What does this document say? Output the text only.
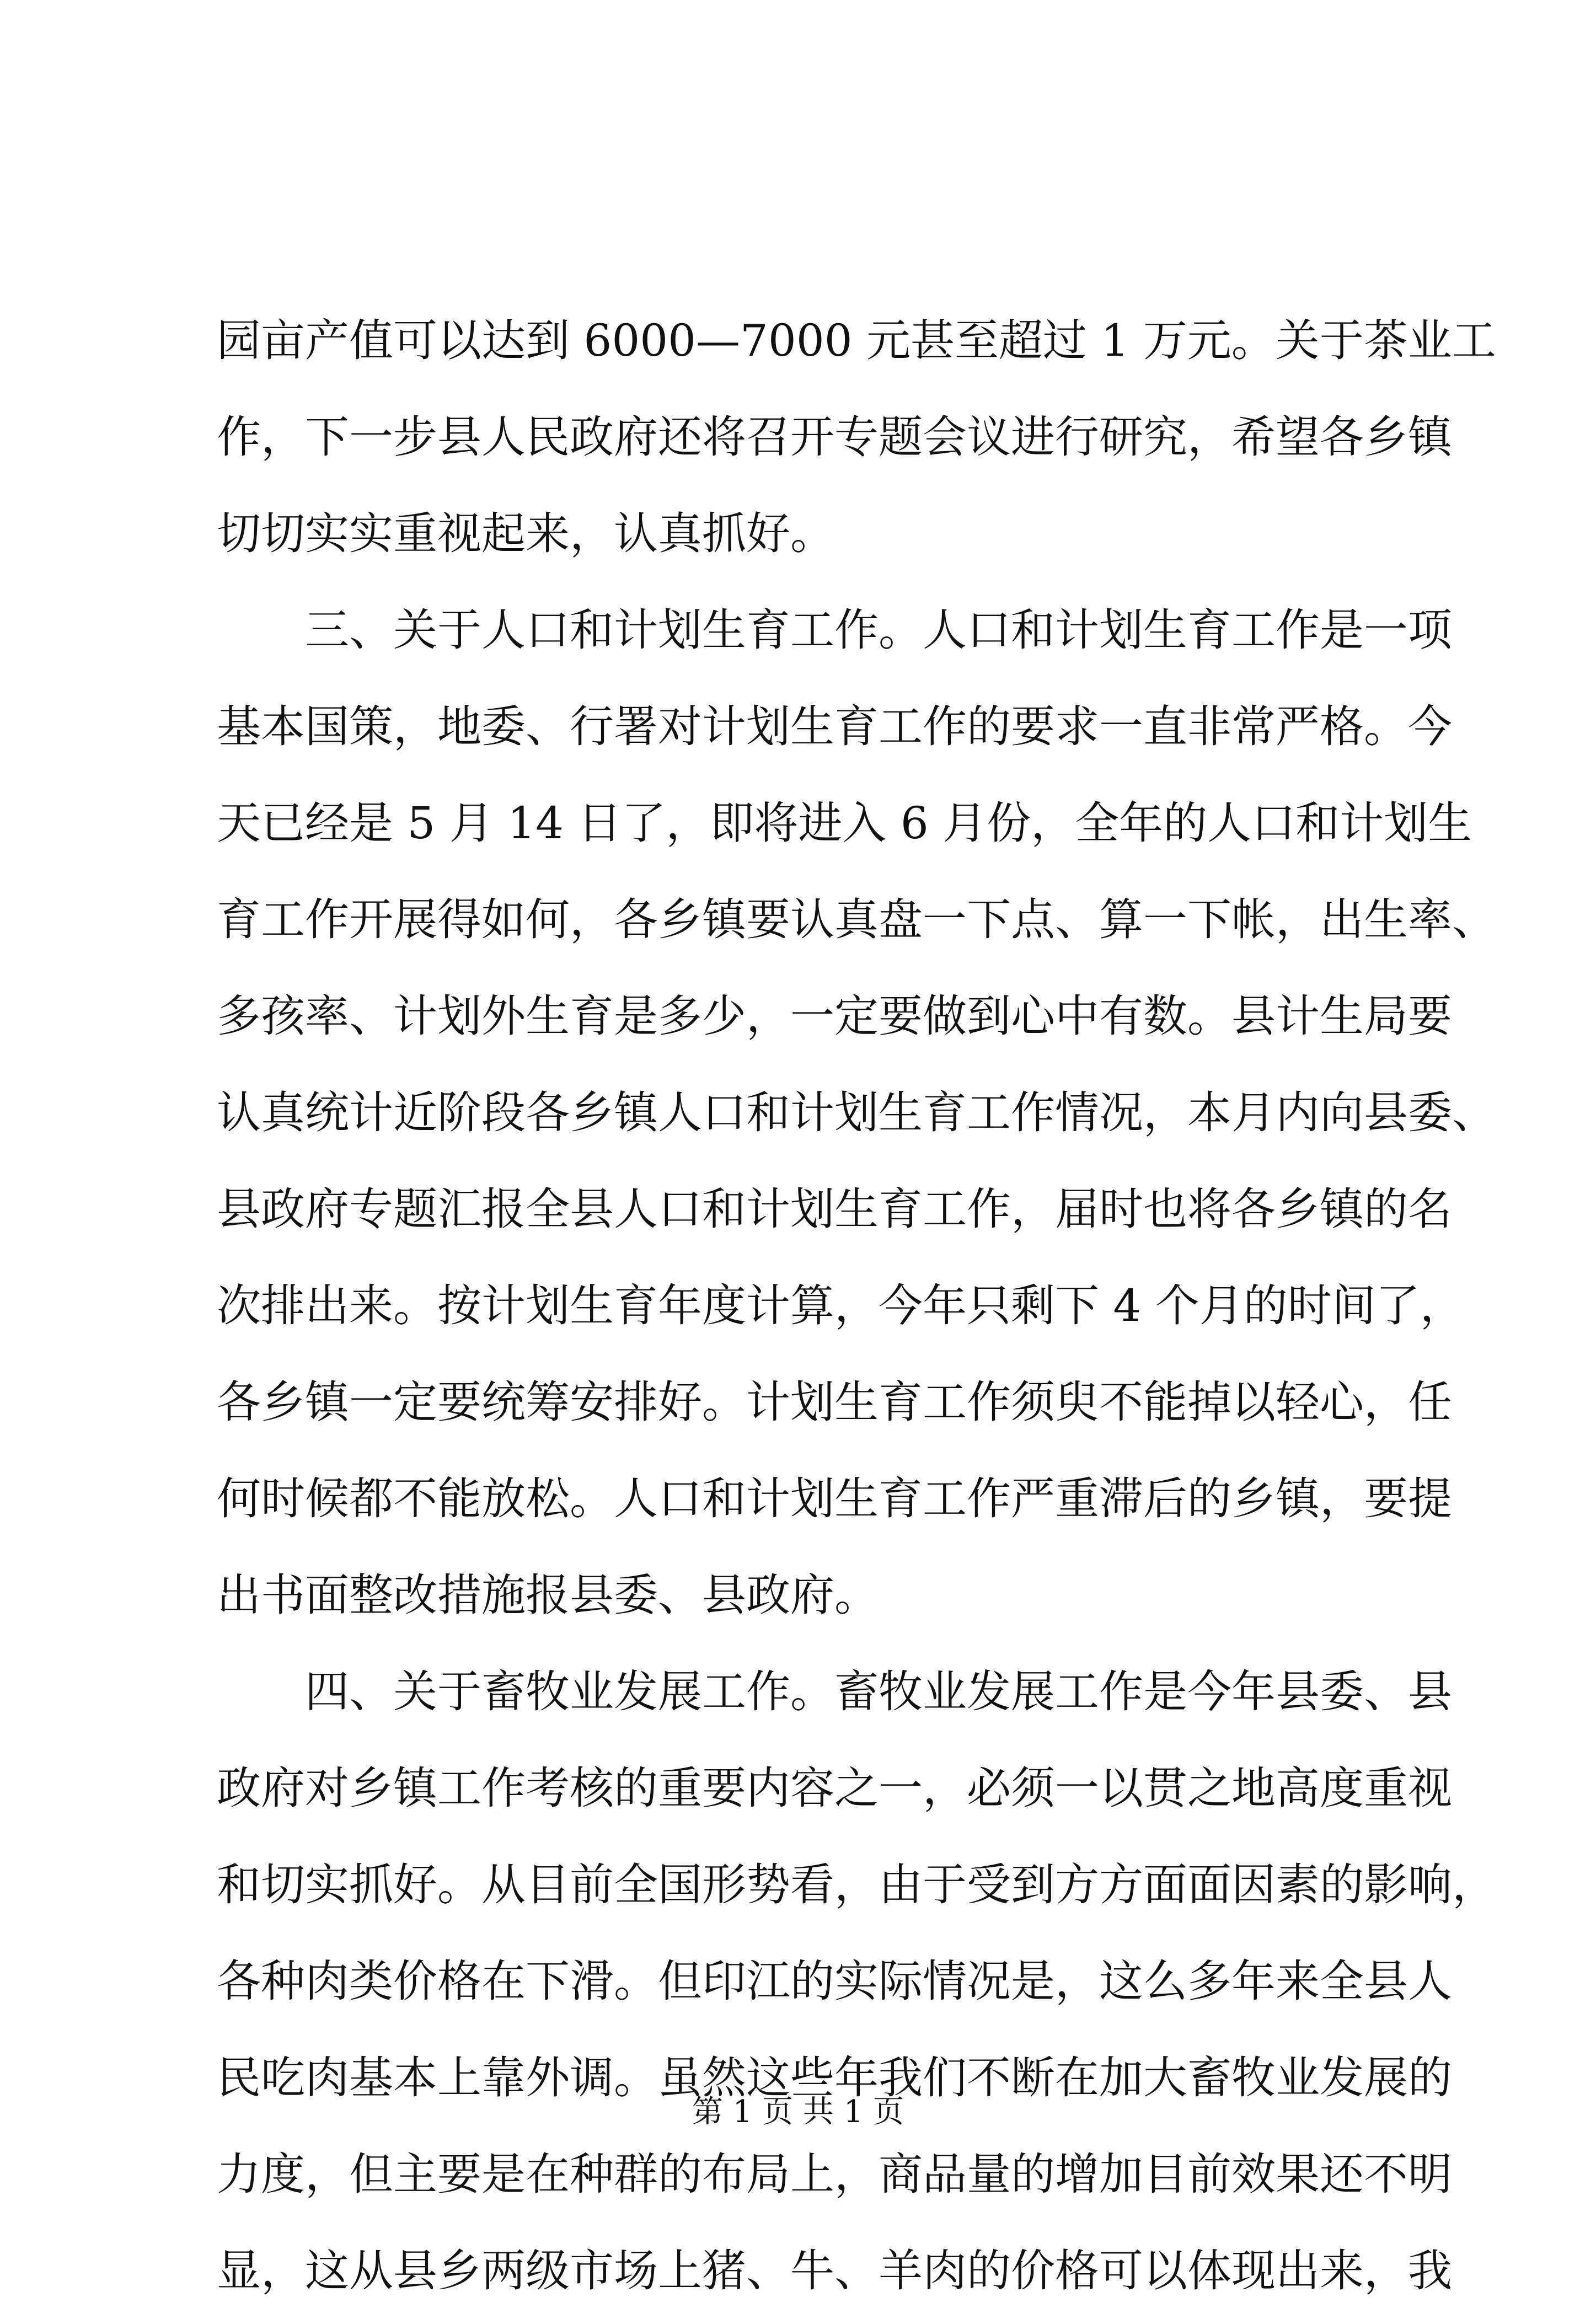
园亩产值可以达到 6000—7000 元甚至超过 1 万元。关于茶业工
作，下一步县人民政府还将召开专题会议进行研究，希望各乡镇
切切实实重视起来，认真抓好。
　　三、关于人口和计划生育工作。人口和计划生育工作是一项
基本国策，地委、行署对计划生育工作的要求一直非常严格。今
天已经是 5 月 14 日了，即将进入 6 月份，全年的人口和计划生
育工作开展得如何，各乡镇要认真盘一下点、算一下帐，出生率、
多孩率、计划外生育是多少，一定要做到心中有数。县计生局要
认真统计近阶段各乡镇人口和计划生育工作情况，本月内向县委、
县政府专题汇报全县人口和计划生育工作，届时也将各乡镇的名
次排出来。按计划生育年度计算，今年只剩下 4 个月的时间了，
各乡镇一定要统筹安排好。计划生育工作须臾不能掉以轻心，任
何时候都不能放松。人口和计划生育工作严重滞后的乡镇，要提
出书面整改措施报县委、县政府。
　　四、关于畜牧业发展工作。畜牧业发展工作是今年县委、县
政府对乡镇工作考核的重要内容之一，必须一以贯之地高度重视
和切实抓好。从目前全国形势看，由于受到方方面面因素的影响，
各种肉类价格在下滑。但印江的实际情况是，这么多年来全县人
民吃肉基本上靠外调。虽然这些年我们不断在加大畜牧业发展的
力度，但主要是在种群的布局上，商品量的增加目前效果还不明
显，这从县乡两级市场上猪、牛、羊肉的价格可以体现出来，我
第 1 页 共 1 页
